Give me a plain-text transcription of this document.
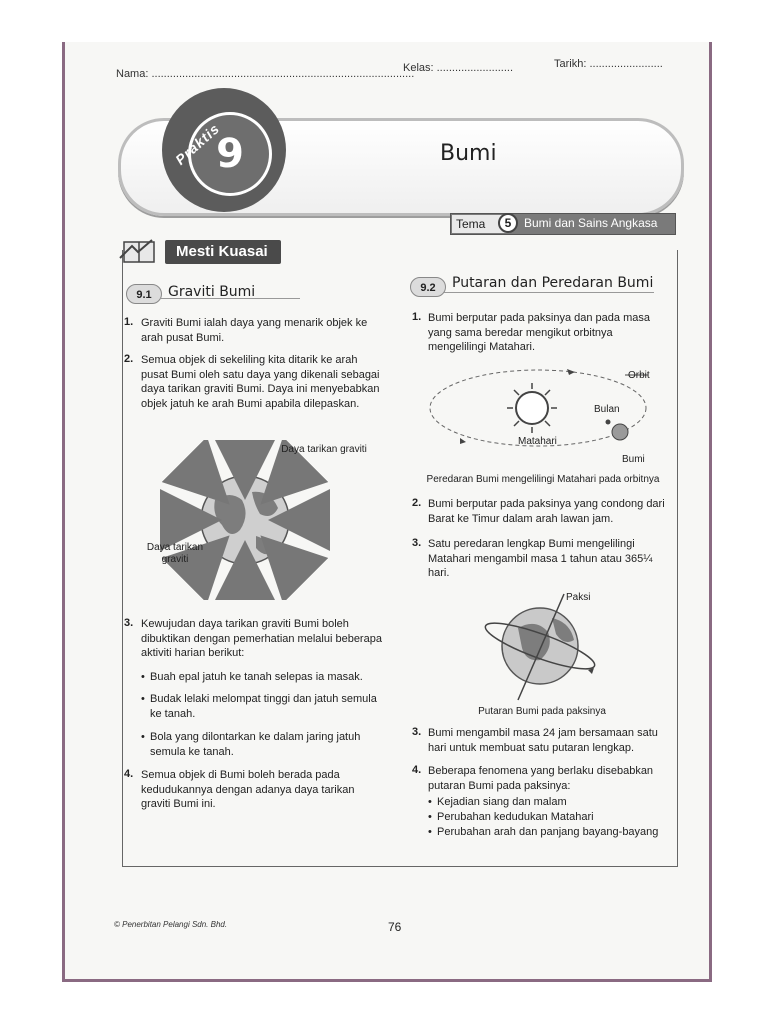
Nama: ......................................................................................
Kelas: .........................	Tarikh: ........................
9
Praktis	Bumi
Tema	5	Bumi dan Sains Angkasa
Mesti Kuasai
9.1	Graviti Bumi
1. Graviti Bumi ialah daya yang menarik objek ke arah pusat Bumi.
2. Semua objek di sekeliling kita ditarik ke arah pusat Bumi oleh satu daya yang dikenali sebagai daya tarikan graviti Bumi. Daya ini menyebabkan objek jatuh ke arah Bumi apabila dilepaskan.
Daya tarikan graviti
Daya tarikan graviti
3. Kewujudan daya tarikan graviti Bumi boleh dibuktikan dengan pemerhatian melalui beberapa aktiviti harian berikut:
• Buah epal jatuh ke tanah selepas ia masak.
• Budak lelaki melompat tinggi dan jatuh semula ke tanah.
• Bola yang dilontarkan ke dalam jaring jatuh semula ke tanah.
4. Semua objek di Bumi boleh berada pada kedudukannya dengan adanya daya tarikan graviti Bumi ini.
9.2	Putaran dan Peredaran Bumi
1. Bumi berputar pada paksinya dan pada masa yang sama beredar mengikut orbitnya mengelilingi Matahari.
Orbit
Bulan
Matahari
Bumi
Peredaran Bumi mengelilingi Matahari pada orbitnya
2. Bumi berputar pada paksinya yang condong dari Barat ke Timur dalam arah lawan jam.
3. Satu peredaran lengkap Bumi mengelilingi Matahari mengambil masa 1 tahun atau 365¼ hari.
Paksi
Putaran Bumi pada paksinya
3. Bumi mengambil masa 24 jam bersamaan satu hari untuk membuat satu putaran lengkap.
4. Beberapa fenomena yang berlaku disebabkan putaran Bumi pada paksinya:
• Kejadian siang dan malam
• Perubahan kedudukan Matahari
• Perubahan arah dan panjang bayang-bayang
© Penerbitan Pelangi Sdn. Bhd.	76
